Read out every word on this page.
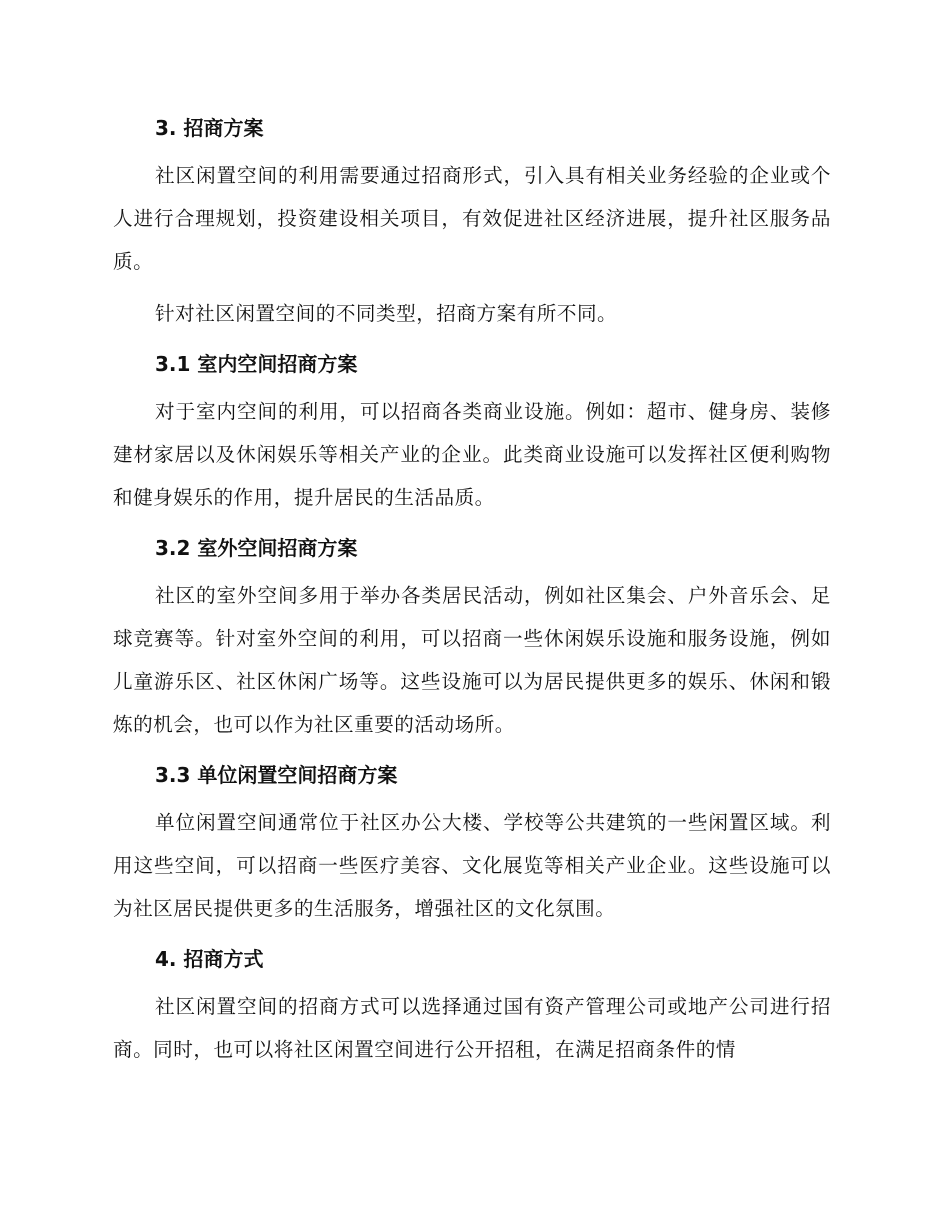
3. 招商方案

社区闲置空间的利用需要通过招商形式，引入具有相关业务经验的企业或个人进行合理规划，投资建设相关项目，有效促进社区经济进展，提升社区服务品质。

针对社区闲置空间的不同类型，招商方案有所不同。

3.1 室内空间招商方案

对于室内空间的利用，可以招商各类商业设施。例如：超市、健身房、装修建材家居以及休闲娱乐等相关产业的企业。此类商业设施可以发挥社区便利购物和健身娱乐的作用，提升居民的生活品质。

3.2 室外空间招商方案

社区的室外空间多用于举办各类居民活动，例如社区集会、户外音乐会、足球竞赛等。针对室外空间的利用，可以招商一些休闲娱乐设施和服务设施，例如儿童游乐区、社区休闲广场等。这些设施可以为居民提供更多的娱乐、休闲和锻炼的机会，也可以作为社区重要的活动场所。

3.3 单位闲置空间招商方案

单位闲置空间通常位于社区办公大楼、学校等公共建筑的一些闲置区域。利用这些空间，可以招商一些医疗美容、文化展览等相关产业企业。这些设施可以为社区居民提供更多的生活服务，增强社区的文化氛围。

4. 招商方式

社区闲置空间的招商方式可以选择通过国有资产管理公司或地产公司进行招商。同时，也可以将社区闲置空间进行公开招租，在满足招商条件的情
